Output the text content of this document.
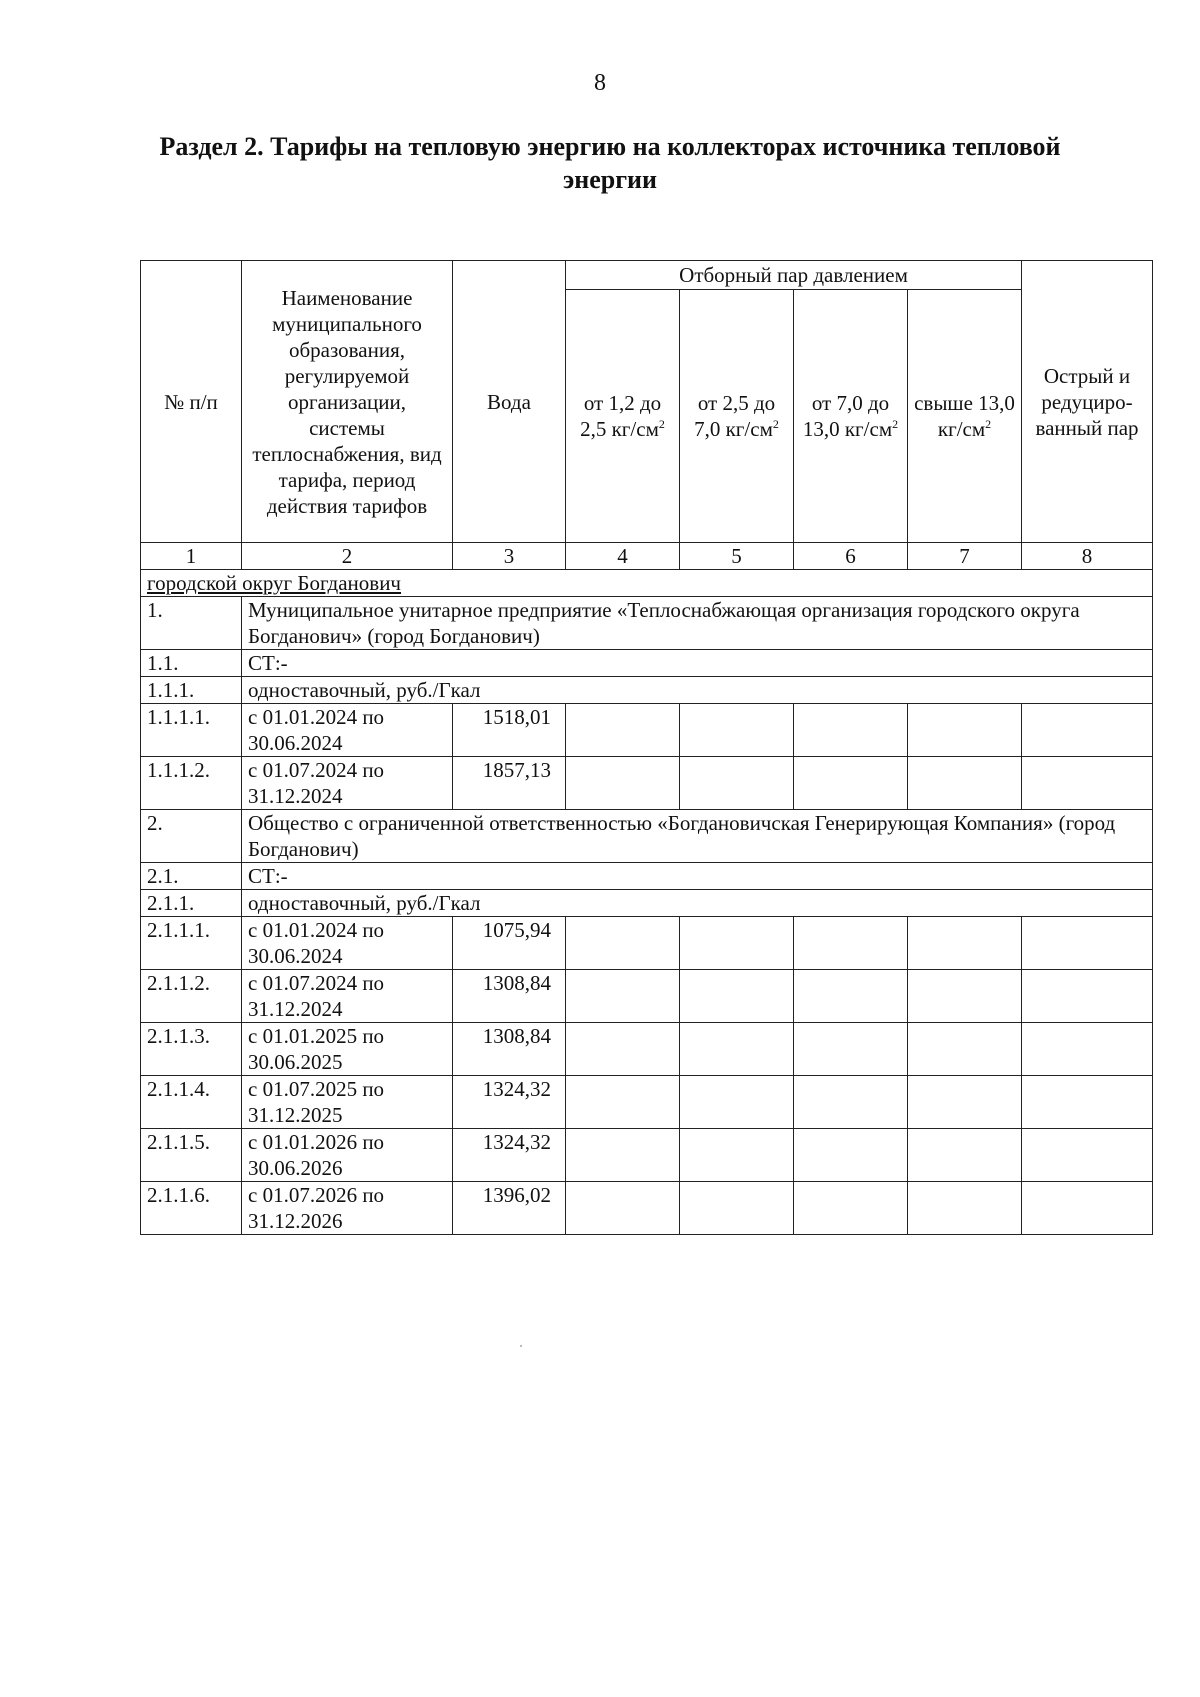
8
Раздел 2. Тарифы на тепловую энергию на коллекторах источника тепловой энергии
№ п/п	Наименование муниципального образования, регулируемой организации, системы теплоснабжения, вид тарифа, период действия тарифов	Вода	Отборный пар давлением				Острый и редуциро-ванный пар
			от 1,2 до 2,5 $кг/см^2$	от 2,5 до 7,0 $кг/см^2$	от 7,0 до 13,0 $кг/см^2$	свыше 13,0 $кг/см^2$
1	2	3	4	5	6	7	8
городской округ Богданович							
1.	Муниципальное унитарное предприятие «Теплоснабжающая организация городского округа Богданович» (город Богданович)						
1.1.	СТ:-						
1.1.1.	одноставочный, руб./Гкал						
1.1.1.1.	с 01.01.2024 по 30.06.2024	1518,01					
1.1.1.2.	с 01.07.2024 по 31.12.2024	1857,13					
2.	Общество с ограниченной ответственностью «Богдановичская Генерирующая Компания» (город Богданович)						
2.1.	СТ:-						
2.1.1.	одноставочный, руб./Гкал						
2.1.1.1.	с 01.01.2024 по 30.06.2024	1075,94					
2.1.1.2.	с 01.07.2024 по 31.12.2024	1308,84					
2.1.1.3.	с 01.01.2025 по 30.06.2025	1308,84					
2.1.1.4.	с 01.07.2025 по 31.12.2025	1324,32					
2.1.1.5.	с 01.01.2026 по 30.06.2026	1324,32					
2.1.1.6.	с 01.07.2026 по 31.12.2026	1396,02					
